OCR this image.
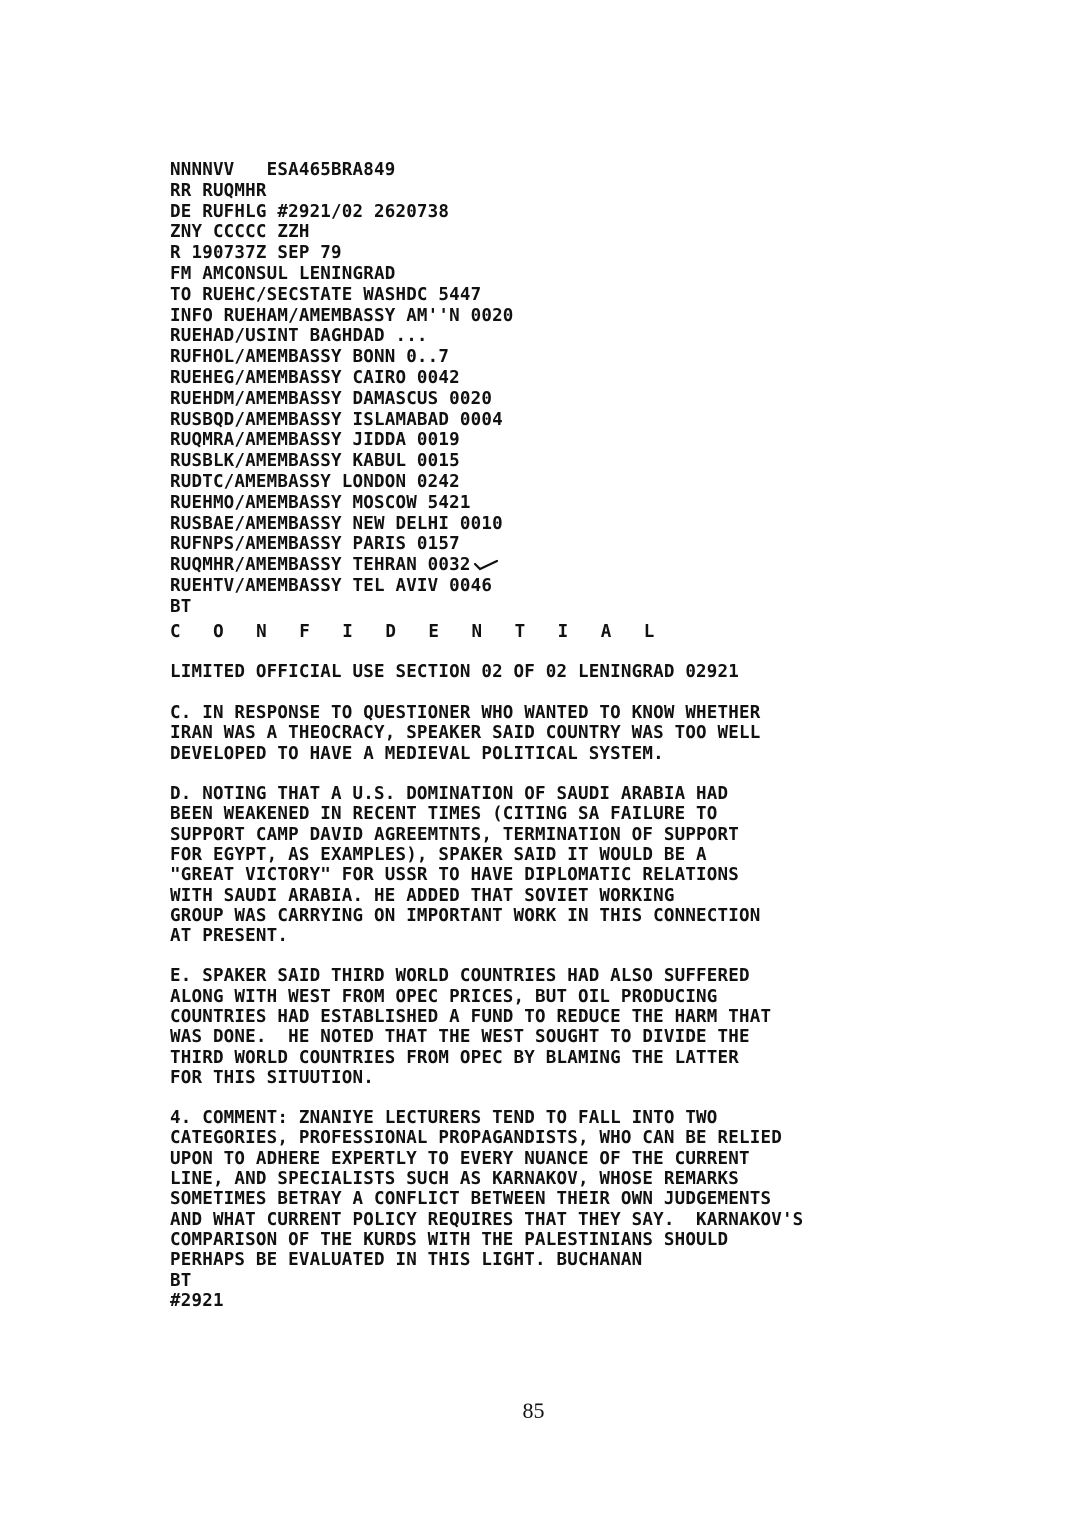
NNNNVV   ESA465BRA849
RR RUQMHR
DE RUFHLG #2921/02 2620738
ZNY CCCCC ZZH
R 190737Z SEP 79
FM AMCONSUL LENINGRAD
TO RUEHC/SECSTATE WASHDC 5447
INFO RUEHAM/AMEMBASSY AM''N 0020
RUEHAD/USINT BAGHDAD ...
RUFHOL/AMEMBASSY BONN 0..7
RUEHEG/AMEMBASSY CAIRO 0042
RUEHDM/AMEMBASSY DAMASCUS 0020
RUSBQD/AMEMBASSY ISLAMABAD 0004
RUQMRA/AMEMBASSY JIDDA 0019
RUSBLK/AMEMBASSY KABUL 0015
RUDTC/AMEMBASSY LONDON 0242
RUEHMO/AMEMBASSY MOSCOW 5421
RUSBAE/AMEMBASSY NEW DELHI 0010
RUFNPS/AMEMBASSY PARIS 0157
RUQMHR/AMEMBASSY TEHRAN 0032
RUEHTV/AMEMBASSY TEL AVIV 0046
BT
C O N F I D E N T I A L
LIMITED OFFICIAL USE SECTION 02 OF 02 LENINGRAD 02921
C. IN RESPONSE TO QUESTIONER WHO WANTED TO KNOW WHETHER
IRAN WAS A THEOCRACY, SPEAKER SAID COUNTRY WAS TOO WELL
DEVELOPED TO HAVE A MEDIEVAL POLITICAL SYSTEM.
D. NOTING THAT A U.S. DOMINATION OF SAUDI ARABIA HAD
BEEN WEAKENED IN RECENT TIMES (CITING SA FAILURE TO
SUPPORT CAMP DAVID AGREEMTNTS, TERMINATION OF SUPPORT
FOR EGYPT, AS EXAMPLES), SPAKER SAID IT WOULD BE A
"GREAT VICTORY" FOR USSR TO HAVE DIPLOMATIC RELATIONS
WITH SAUDI ARABIA. HE ADDED THAT SOVIET WORKING
GROUP WAS CARRYING ON IMPORTANT WORK IN THIS CONNECTION
AT PRESENT.
E. SPAKER SAID THIRD WORLD COUNTRIES HAD ALSO SUFFERED
ALONG WITH WEST FROM OPEC PRICES, BUT OIL PRODUCING
COUNTRIES HAD ESTABLISHED A FUND TO REDUCE THE HARM THAT
WAS DONE.  HE NOTED THAT THE WEST SOUGHT TO DIVIDE THE
THIRD WORLD COUNTRIES FROM OPEC BY BLAMING THE LATTER
FOR THIS SITUUTION.
4. COMMENT: ZNANIYE LECTURERS TEND TO FALL INTO TWO
CATEGORIES, PROFESSIONAL PROPAGANDISTS, WHO CAN BE RELIED
UPON TO ADHERE EXPERTLY TO EVERY NUANCE OF THE CURRENT
LINE, AND SPECIALISTS SUCH AS KARNAKOV, WHOSE REMARKS
SOMETIMES BETRAY A CONFLICT BETWEEN THEIR OWN JUDGEMENTS
AND WHAT CURRENT POLICY REQUIRES THAT THEY SAY.  KARNAKOV'S
COMPARISON OF THE KURDS WITH THE PALESTINIANS SHOULD
PERHAPS BE EVALUATED IN THIS LIGHT. BUCHANAN
BT
#2921
85
